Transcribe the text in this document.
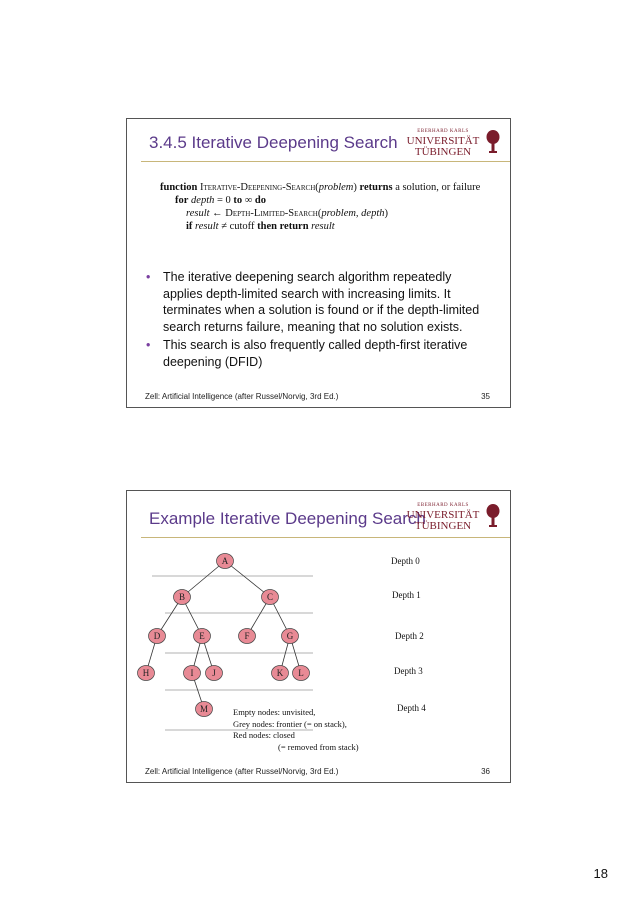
3.4.5 Iterative Deepening Search
EBERHARD KARLS
UNIVERSITÄT
TÜBINGEN
function Iterative-Deepening-Search(problem) returns a solution, or failure
for depth = 0 to ∞ do
result ← Depth-Limited-Search(problem, depth)
if result ≠ cutoff then return result
• The iterative deepening search algorithm repeatedly applies depth-limited search with increasing limits. It terminates when a solution is found or if the depth-limited search returns failure, meaning that no solution exists.
• This search is also frequently called depth-first iterative deepening (DFID)
Zell: Artificial Intelligence (after Russel/Norvig, 3rd Ed.)	35
Example Iterative Deepening Search
EBERHARD KARLS
UNIVERSITÄT
TÜBINGEN
A
B	C
D	E	F	G
H	I J	K L
M
Depth 0
Depth 1
Depth 2
Depth 3
Depth 4
Empty nodes: unvisited,
Grey nodes: frontier (= on stack),
Red nodes: closed
(= removed from stack)
Zell: Artificial Intelligence (after Russel/Norvig, 3rd Ed.)	36
18
